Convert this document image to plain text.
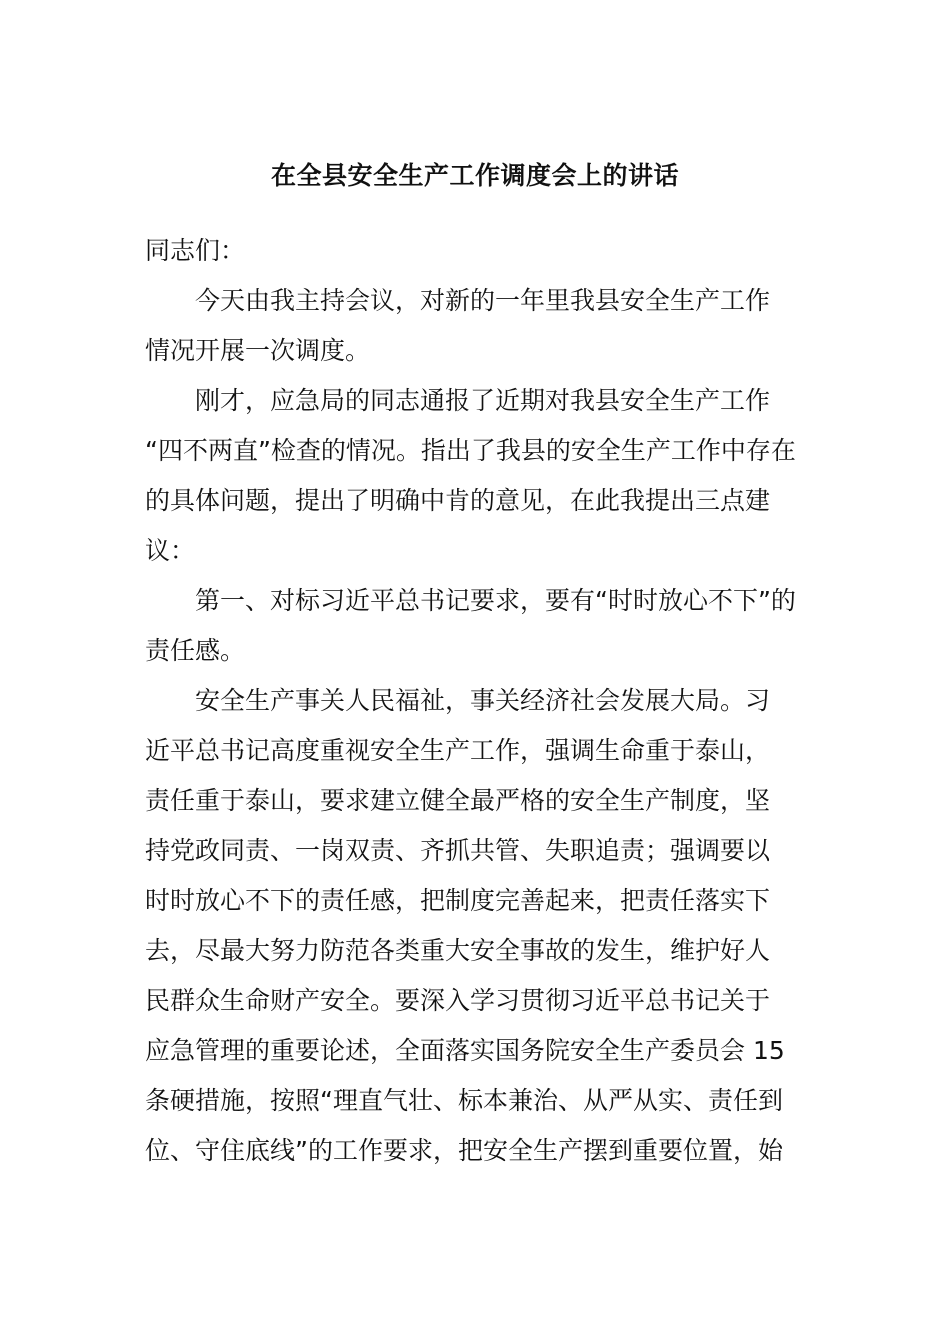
在全县安全生产工作调度会上的讲话

同志们：

今天由我主持会议，对新的一年里我县安全生产工作
情况开展一次调度。

刚才，应急局的同志通报了近期对我县安全生产工作
“四不两直”检查的情况。指出了我县的安全生产工作中存在
的具体问题，提出了明确中肯的意见，在此我提出三点建
议：

第一、对标习近平总书记要求，要有“时时放心不下”的
责任感。

安全生产事关人民福祉，事关经济社会发展大局。习
近平总书记高度重视安全生产工作，强调生命重于泰山，
责任重于泰山，要求建立健全最严格的安全生产制度，坚
持党政同责、一岗双责、齐抓共管、失职追责；强调要以
时时放心不下的责任感，把制度完善起来，把责任落实下
去，尽最大努力防范各类重大安全事故的发生，维护好人
民群众生命财产安全。要深入学习贯彻习近平总书记关于
应急管理的重要论述，全面落实国务院安全生产委员会 15
条硬措施，按照“理直气壮、标本兼治、从严从实、责任到
位、守住底线”的工作要求，把安全生产摆到重要位置，始
